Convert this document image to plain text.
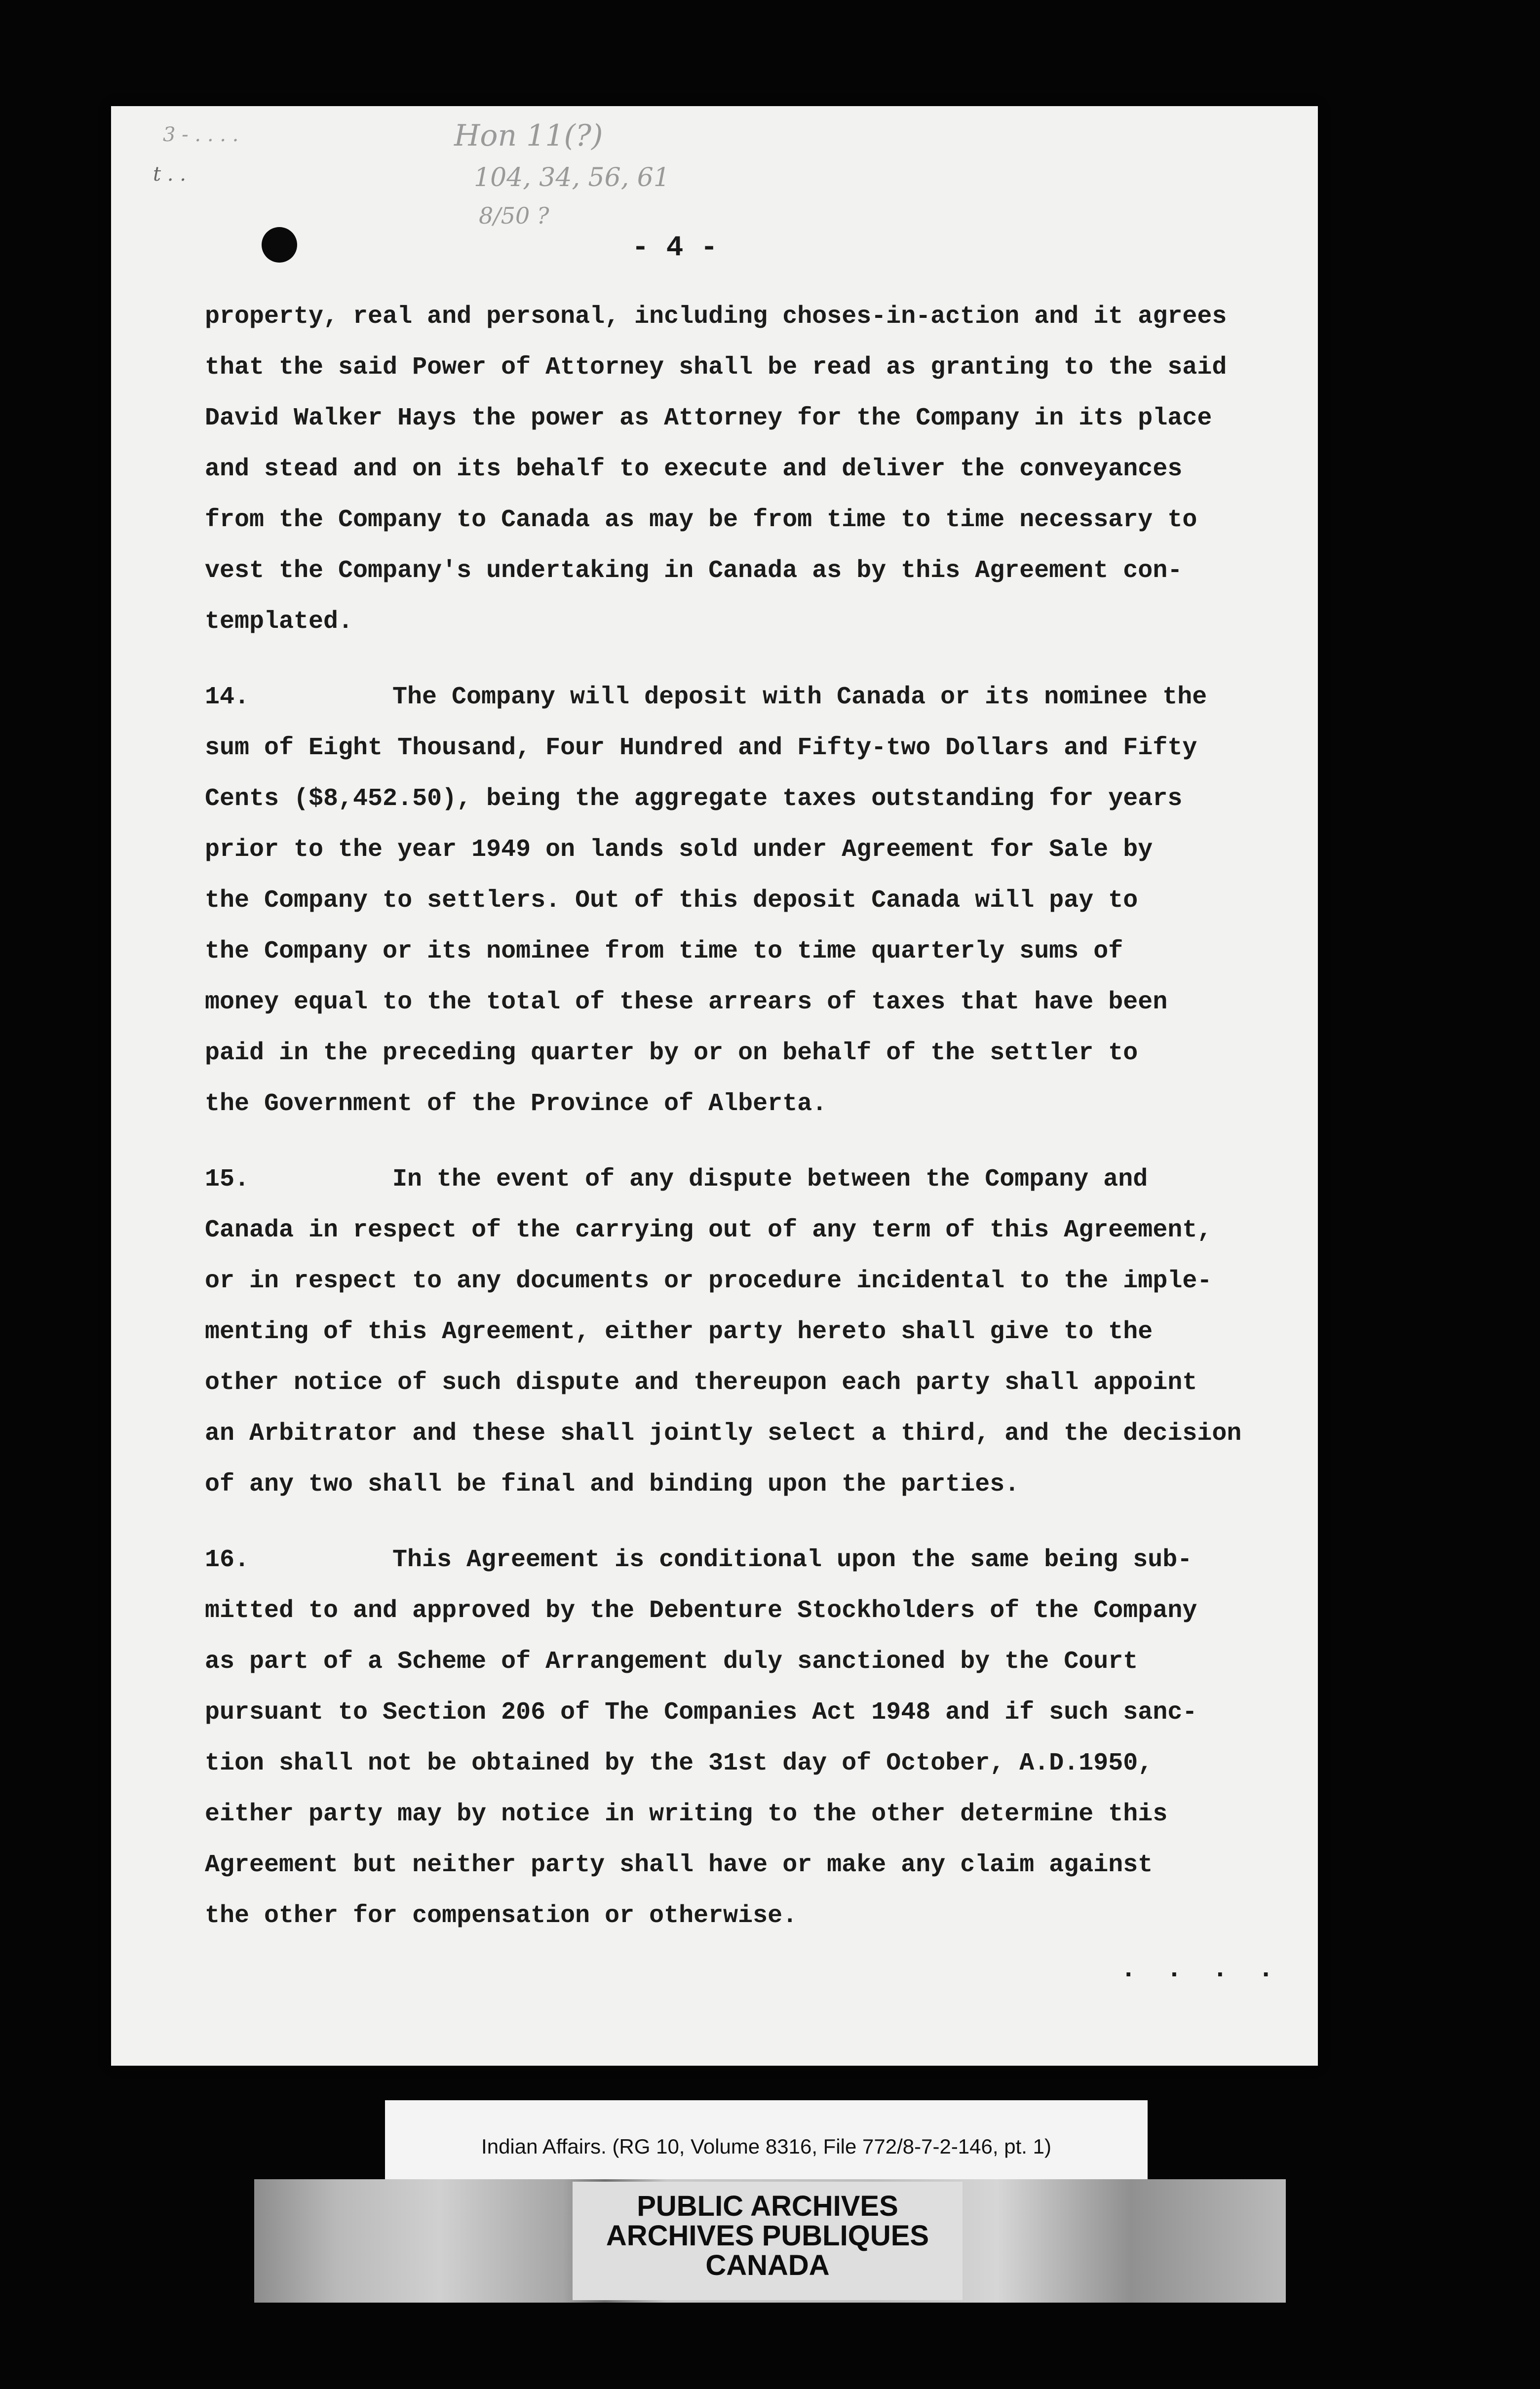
3 - . . . .
t . .
Hon 11(?)
104, 34, 56, 61
8/50 ?
- 4 -
property, real and personal, including choses-in-action and it agrees
that the said Power of Attorney shall be read as granting to the said
David Walker Hays the power as Attorney for the Company in its place
and stead and on its behalf to execute and deliver the conveyances
from the Company to Canada as may be from time to time necessary to
vest the Company's undertaking in Canada as by this Agreement con-
templated.
14.	The Company will deposit with Canada or its nominee the
sum of Eight Thousand, Four Hundred and Fifty-two Dollars and Fifty
Cents ($8,452.50), being the aggregate taxes outstanding for years
prior to the year 1949 on lands sold under Agreement for Sale by
the Company to settlers. Out of this deposit Canada will pay to
the Company or its nominee from time to time quarterly sums of
money equal to the total of these arrears of taxes that have been
paid in the preceding quarter by or on behalf of the settler to
the Government of the Province of Alberta.
15.	In the event of any dispute between the Company and
Canada in respect of the carrying out of any term of this Agreement,
or in respect to any documents or procedure incidental to the imple-
menting of this Agreement, either party hereto shall give to the
other notice of such dispute and thereupon each party shall appoint
an Arbitrator and these shall jointly select a third, and the decision
of any two shall be final and binding upon the parties.
16.	This Agreement is conditional upon the same being sub-
mitted to and approved by the Debenture Stockholders of the Company
as part of a Scheme of Arrangement duly sanctioned by the Court
pursuant to Section 206 of The Companies Act 1948 and if such sanc-
tion shall not be obtained by the 31st day of October, A.D.1950,
either party may by notice in writing to the other determine this
Agreement but neither party shall have or make any claim against
the other for compensation or otherwise.
. . . .
Indian Affairs. (RG 10, Volume 8316, File 772/8-7-2-146, pt. 1)
PUBLIC ARCHIVES
ARCHIVES PUBLIQUES
CANADA
